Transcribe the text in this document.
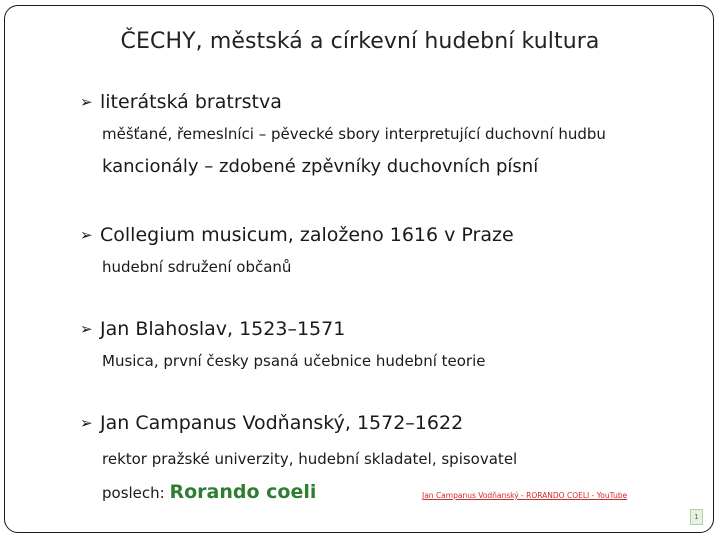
ČECHY, městská a církevní hudební kultura
➢ literátská bratrstva
měšťané, řemeslníci – pěvecké sbory interpretující duchovní hudbu
kancionály – zdobené zpěvníky duchovních písní
➢ Collegium musicum, založeno 1616 v Praze
hudební sdružení občanů
➢ Jan Blahoslav, 1523–1571
Musica, první česky psaná učebnice hudební teorie
➢ Jan Campanus Vodňanský, 1572–1622
rektor pražské univerzity, hudební skladatel, spisovatel
poslech: Rorando coeli	Jan Campanus Vodňanský - RORANDO COELI - YouTube
1
